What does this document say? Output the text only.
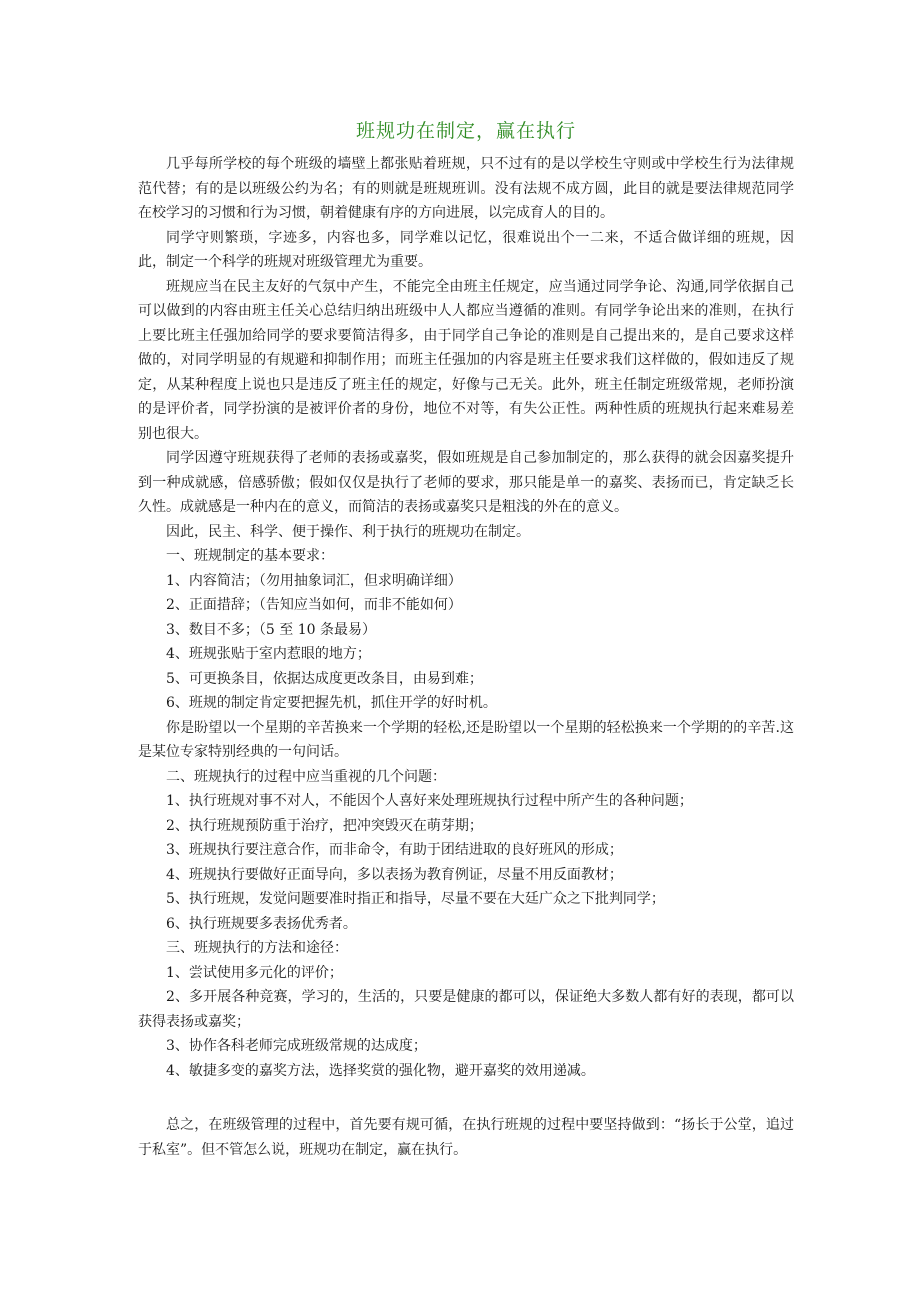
班规功在制定，赢在执行

几乎每所学校的每个班级的墙壁上都张贴着班规，只不过有的是以学校生守则或中学校生行为法律规范代替；有的是以班级公约为名；有的则就是班规班训。没有法规不成方圆，此目的就是要法律规范同学在校学习的习惯和行为习惯，朝着健康有序的方向进展，以完成育人的目的。

同学守则繁琐，字迹多，内容也多，同学难以记忆，很难说出个一二来，不适合做详细的班规，因此，制定一个科学的班规对班级管理尤为重要。

班规应当在民主友好的气氛中产生，不能完全由班主任规定，应当通过同学争论、沟通,同学依据自己可以做到的内容由班主任关心总结归纳出班级中人人都应当遵循的准则。有同学争论出来的准则，在执行上要比班主任强加给同学的要求要简洁得多，由于同学自己争论的准则是自己提出来的，是自己要求这样做的，对同学明显的有规避和抑制作用；而班主任强加的内容是班主任要求我们这样做的，假如违反了规定，从某种程度上说也只是违反了班主任的规定，好像与己无关。此外，班主任制定班级常规，老师扮演的是评价者，同学扮演的是被评价者的身份，地位不对等，有失公正性。两种性质的班规执行起来难易差别也很大。

同学因遵守班规获得了老师的表扬或嘉奖，假如班规是自己参加制定的，那么获得的就会因嘉奖提升到一种成就感，倍感骄傲；假如仅仅是执行了老师的要求，那只能是单一的嘉奖、表扬而已，肯定缺乏长久性。成就感是一种内在的意义，而简洁的表扬或嘉奖只是粗浅的外在的意义。

因此，民主、科学、便于操作、利于执行的班规功在制定。

一、班规制定的基本要求：

1、内容简洁；（勿用抽象词汇，但求明确详细）

2、正面措辞；（告知应当如何，而非不能如何）

3、数目不多；（5 至 10 条最易）

4、班规张贴于室内惹眼的地方；

5、可更换条目，依据达成度更改条目，由易到难；

6、班规的制定肯定要把握先机，抓住开学的好时机。

你是盼望以一个星期的辛苦换来一个学期的轻松,还是盼望以一个星期的轻松换来一个学期的的辛苦.这是某位专家特别经典的一句问话。

二、班规执行的过程中应当重视的几个问题：

1、执行班规对事不对人，不能因个人喜好来处理班规执行过程中所产生的各种问题；

2、执行班规预防重于治疗，把冲突毁灭在萌芽期；

3、班规执行要注意合作，而非命令，有助于团结进取的良好班风的形成；

4、班规执行要做好正面导向，多以表扬为教育例证，尽量不用反面教材；

5、执行班规，发觉问题要准时指正和指导，尽量不要在大廷广众之下批判同学；

6、执行班规要多表扬优秀者。

三、班规执行的方法和途径：

1、尝试使用多元化的评价；

2、多开展各种竞赛，学习的，生活的，只要是健康的都可以，保证绝大多数人都有好的表现，都可以获得表扬或嘉奖；

3、协作各科老师完成班级常规的达成度；

4、敏捷多变的嘉奖方法，选择奖赏的强化物，避开嘉奖的效用递减。

总之，在班级管理的过程中，首先要有规可循，在执行班规的过程中要坚持做到：“扬长于公堂，追过于私室”。但不管怎么说，班规功在制定，赢在执行。
